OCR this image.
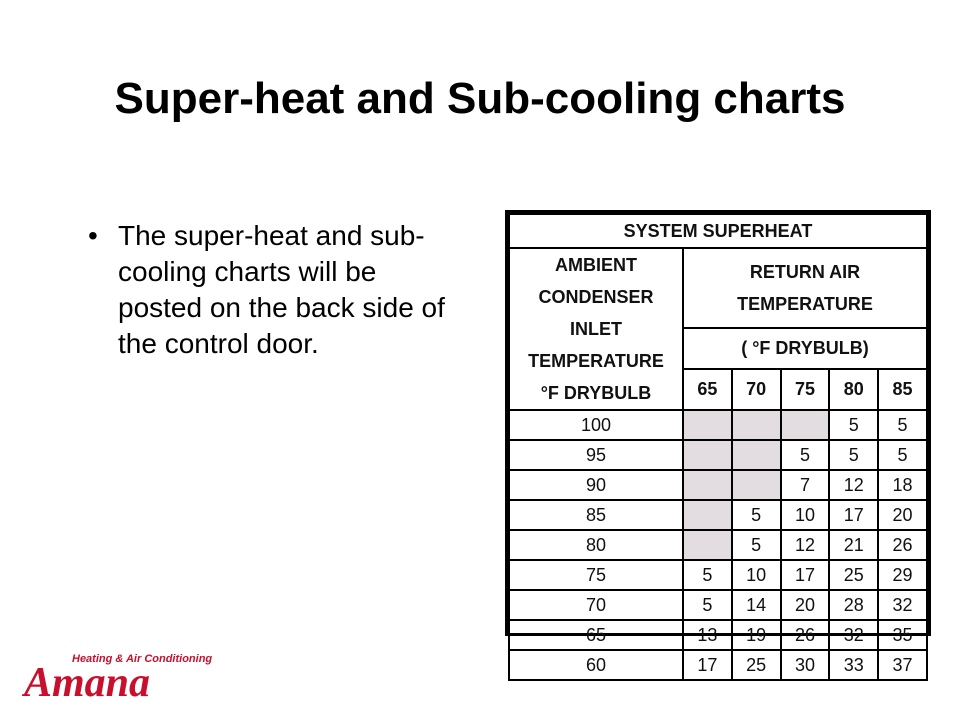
Super-heat and Sub-cooling charts
• The super-heat and sub-cooling charts will be posted on the back side of the control door.
SYSTEM SUPERHEAT					

AMBIENT CONDENSER
INLET TEMPERATURE
°F DRYBULB	RETURN AIR TEMPERATURE				
	( °F DRYBULB)				
	65	70	75	80	85
100				5	5
95			5	5	5
90			7	12	18
85		5	10	17	20
80		5	12	21	26
75	5	10	17	25	29
70	5	14	20	28	32
65	13	19	26	32	35
60	17	25	30	33	37
Heating & Air Conditioning
Amana
